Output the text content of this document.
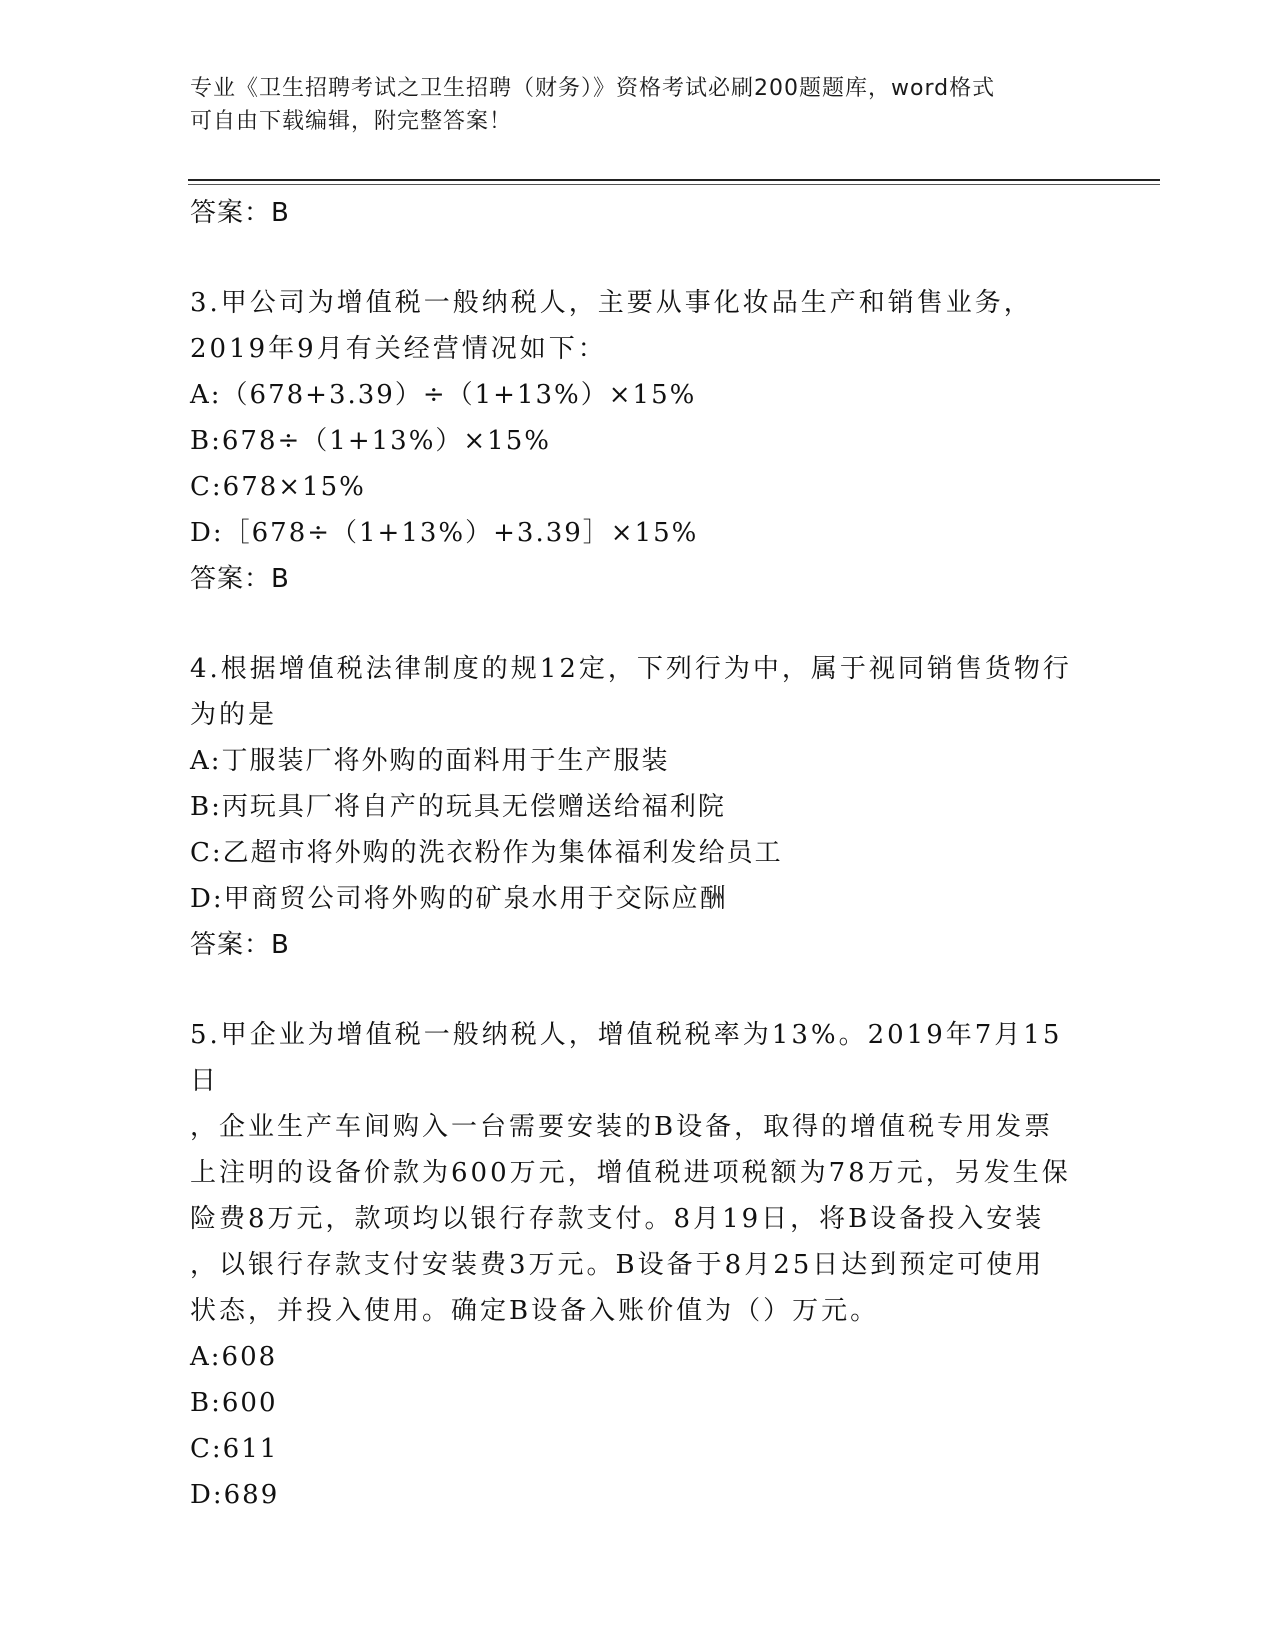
专业《卫生招聘考试之卫生招聘（财务）》资格考试必刷200题题库，word格式
可自由下载编辑，附完整答案！
答案：B
3.甲公司为增值税一般纳税人，主要从事化妆品生产和销售业务，
2019年9月有关经营情况如下：
A:（678+3.39）÷（1+13%）×15%
B:678÷（1+13%）×15%
C:678×15%
D:［678÷（1+13%）+3.39］×15%
答案：B
4.根据增值税法律制度的规12定，下列行为中，属于视同销售货物行
为的是
A:丁服装厂将外购的面料用于生产服装
B:丙玩具厂将自产的玩具无偿赠送给福利院
C:乙超市将外购的洗衣粉作为集体福利发给员工
D:甲商贸公司将外购的矿泉水用于交际应酬
答案：B
5.甲企业为增值税一般纳税人，增值税税率为13%。2019年7月15日
，企业生产车间购入一台需要安装的B设备，取得的增值税专用发票
上注明的设备价款为600万元，增值税进项税额为78万元，另发生保
险费8万元，款项均以银行存款支付。8月19日，将B设备投入安装
，以银行存款支付安装费3万元。B设备于8月25日达到预定可使用
状态，并投入使用。确定B设备入账价值为（）万元。
A:608
B:600
C:611
D:689
